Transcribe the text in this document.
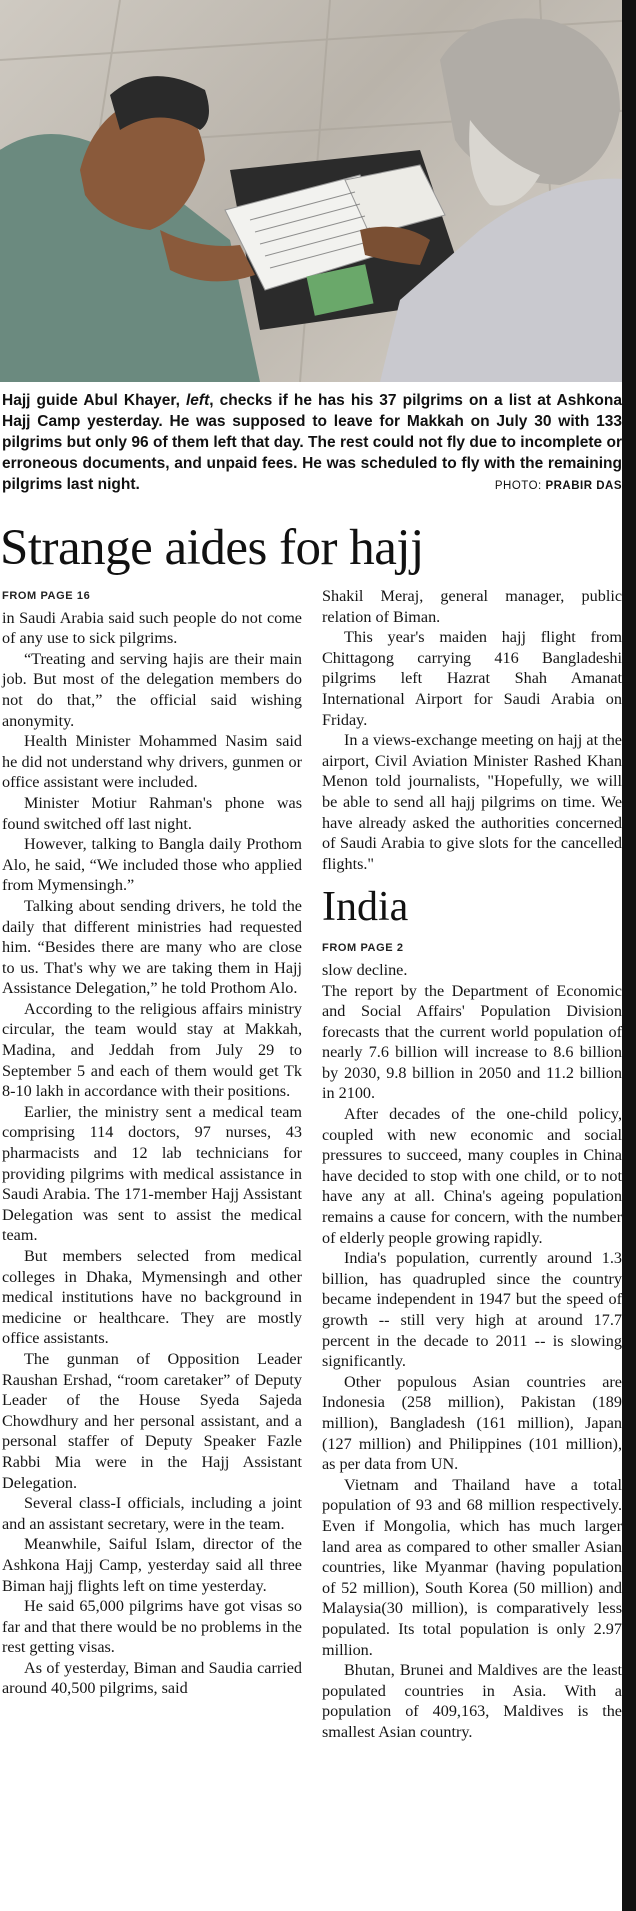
Hajj guide Abul Khayer, left, checks if he has his 37 pilgrims on a list at Ashkona Hajj Camp yesterday. He was supposed to leave for Makkah on July 30 with 133 pilgrims but only 96 of them left that day. The rest could not fly due to incomplete or erroneous documents, and unpaid fees. He was scheduled to fly with the remaining pilgrims last night.	PHOTO: PRABIR DAS
Strange aides for hajj
FROM PAGE 16

in Saudi Arabia said such people do not come of any use to sick pilgrims.

“Treating and serving hajis are their main job. But most of the delegation members do not do that,” the official said wishing anonymity.

Health Minister Mohammed Nasim said he did not understand why drivers, gunmen or office assistant were included.

Minister Motiur Rahman's phone was found switched off last night.

However, talking to Bangla daily Prothom Alo, he said, “We included those who applied from Mymensingh.”

Talking about sending drivers, he told the daily that different ministries had requested him. “Besides there are many who are close to us. That's why we are taking them in Hajj Assistance Delegation,” he told Prothom Alo.

According to the religious affairs ministry circular, the team would stay at Makkah, Madina, and Jeddah from July 29 to September 5 and each of them would get Tk 8-10 lakh in accordance with their positions.

Earlier, the ministry sent a medical team comprising 114 doctors, 97 nurses, 43 pharmacists and 12 lab technicians for providing pilgrims with medical assistance in Saudi Arabia. The 171-member Hajj Assistant Delegation was sent to assist the medical team.

But members selected from medical colleges in Dhaka, Mymensingh and other medical institutions have no background in medicine or healthcare. They are mostly office assistants.

The gunman of Opposition Leader Raushan Ershad, “room caretaker” of Deputy Leader of the House Syeda Sajeda Chowdhury and her personal assistant, and a personal staffer of Deputy Speaker Fazle Rabbi Mia were in the Hajj Assistant Delegation.

Several class-I officials, including a joint and an assistant secretary, were in the team.

Meanwhile, Saiful Islam, director of the Ashkona Hajj Camp, yesterday said all three Biman hajj flights left on time yesterday.

He said 65,000 pilgrims have got visas so far and that there would be no problems in the rest getting visas.

As of yesterday, Biman and Saudia carried around 40,500 pilgrims, said

Shakil Meraj, general manager, public relation of Biman.

This year's maiden hajj flight from Chittagong carrying 416 Bangladeshi pilgrims left Hazrat Shah Amanat International Airport for Saudi Arabia on Friday.

In a views-exchange meeting on hajj at the airport, Civil Aviation Minister Rashed Khan Menon told journalists, "Hopefully, we will be able to send all hajj pilgrims on time. We have already asked the authorities concerned of Saudi Arabia to give slots for the cancelled flights."

India
FROM PAGE 2

slow decline.

The report by the Department of Economic and Social Affairs' Population Division forecasts that the current world population of nearly 7.6 billion will increase to 8.6 billion by 2030, 9.8 billion in 2050 and 11.2 billion in 2100.

After decades of the one-child policy, coupled with new economic and social pressures to succeed, many couples in China have decided to stop with one child, or to not have any at all. China's ageing population remains a cause for concern, with the number of elderly people growing rapidly.

India's population, currently around 1.3 billion, has quadrupled since the country became independent in 1947 but the speed of growth -- still very high at around 17.7 percent in the decade to 2011 -- is slowing significantly.

Other populous Asian countries are Indonesia (258 million), Pakistan (189 million), Bangladesh (161 million), Japan (127 million) and Philippines (101 million), as per data from UN.

Vietnam and Thailand have a total population of 93 and 68 million respectively. Even if Mongolia, which has much larger land area as compared to other smaller Asian countries, like Myanmar (having population of 52 million), South Korea (50 million) and Malaysia(30 million), is comparatively less populated. Its total population is only 2.97 million.

Bhutan, Brunei and Maldives are the least populated countries in Asia. With a population of 409,163, Maldives is the smallest Asian country.
